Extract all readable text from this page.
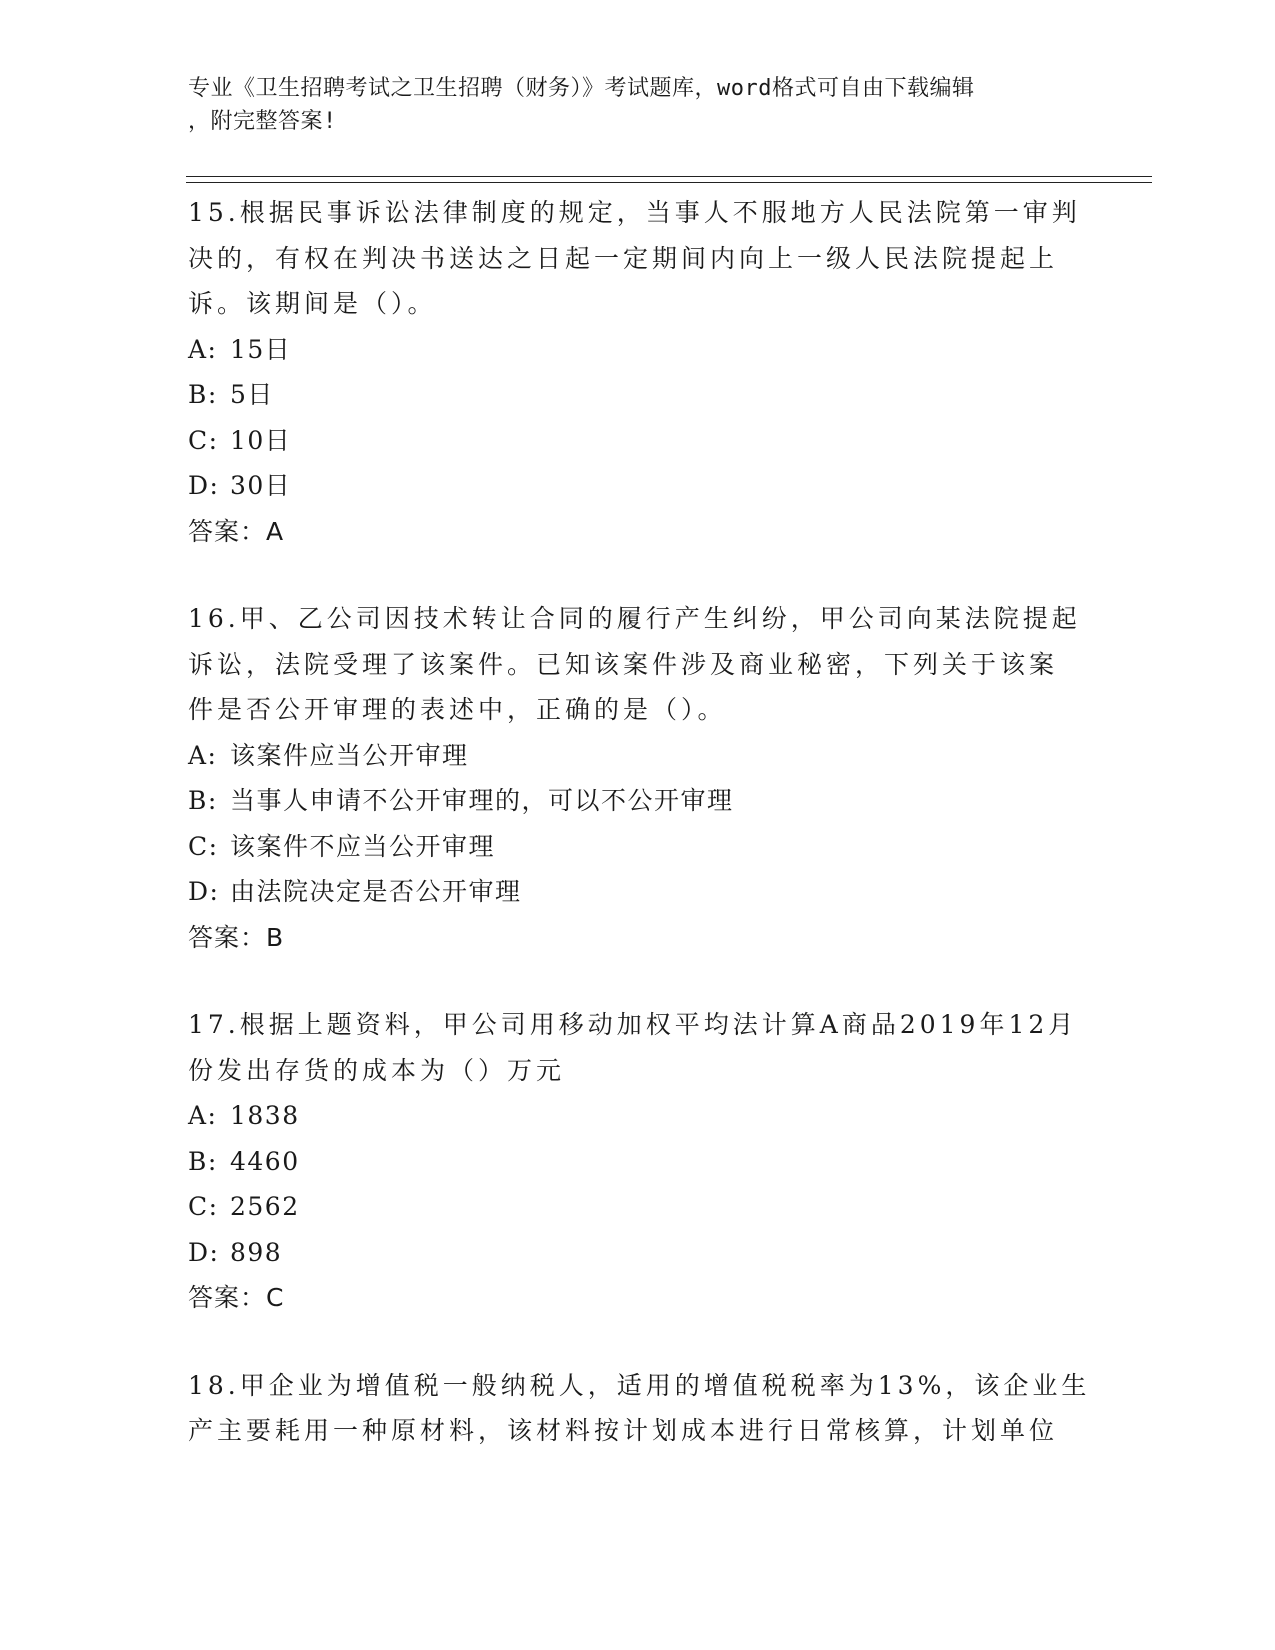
专业《卫生招聘考试之卫生招聘（财务）》考试题库，word格式可自由下载编辑
，附完整答案!
15.根据民事诉讼法律制度的规定，当事人不服地方人民法院第一审判
决的，有权在判决书送达之日起一定期间内向上一级人民法院提起上
诉。该期间是（）。
A: 15日
B: 5日
C: 10日
D: 30日
答案：A
16.甲、乙公司因技术转让合同的履行产生纠纷，甲公司向某法院提起
诉讼，法院受理了该案件。已知该案件涉及商业秘密，下列关于该案
件是否公开审理的表述中，正确的是（）。
A: 该案件应当公开审理
B: 当事人申请不公开审理的，可以不公开审理
C: 该案件不应当公开审理
D: 由法院决定是否公开审理
答案：B
17.根据上题资料，甲公司用移动加权平均法计算A商品2019年12月
份发出存货的成本为（）万元
A: 1838
B: 4460
C: 2562
D: 898
答案：C
18.甲企业为增值税一般纳税人，适用的增值税税率为13%，该企业生
产主要耗用一种原材料，该材料按计划成本进行日常核算，计划单位
